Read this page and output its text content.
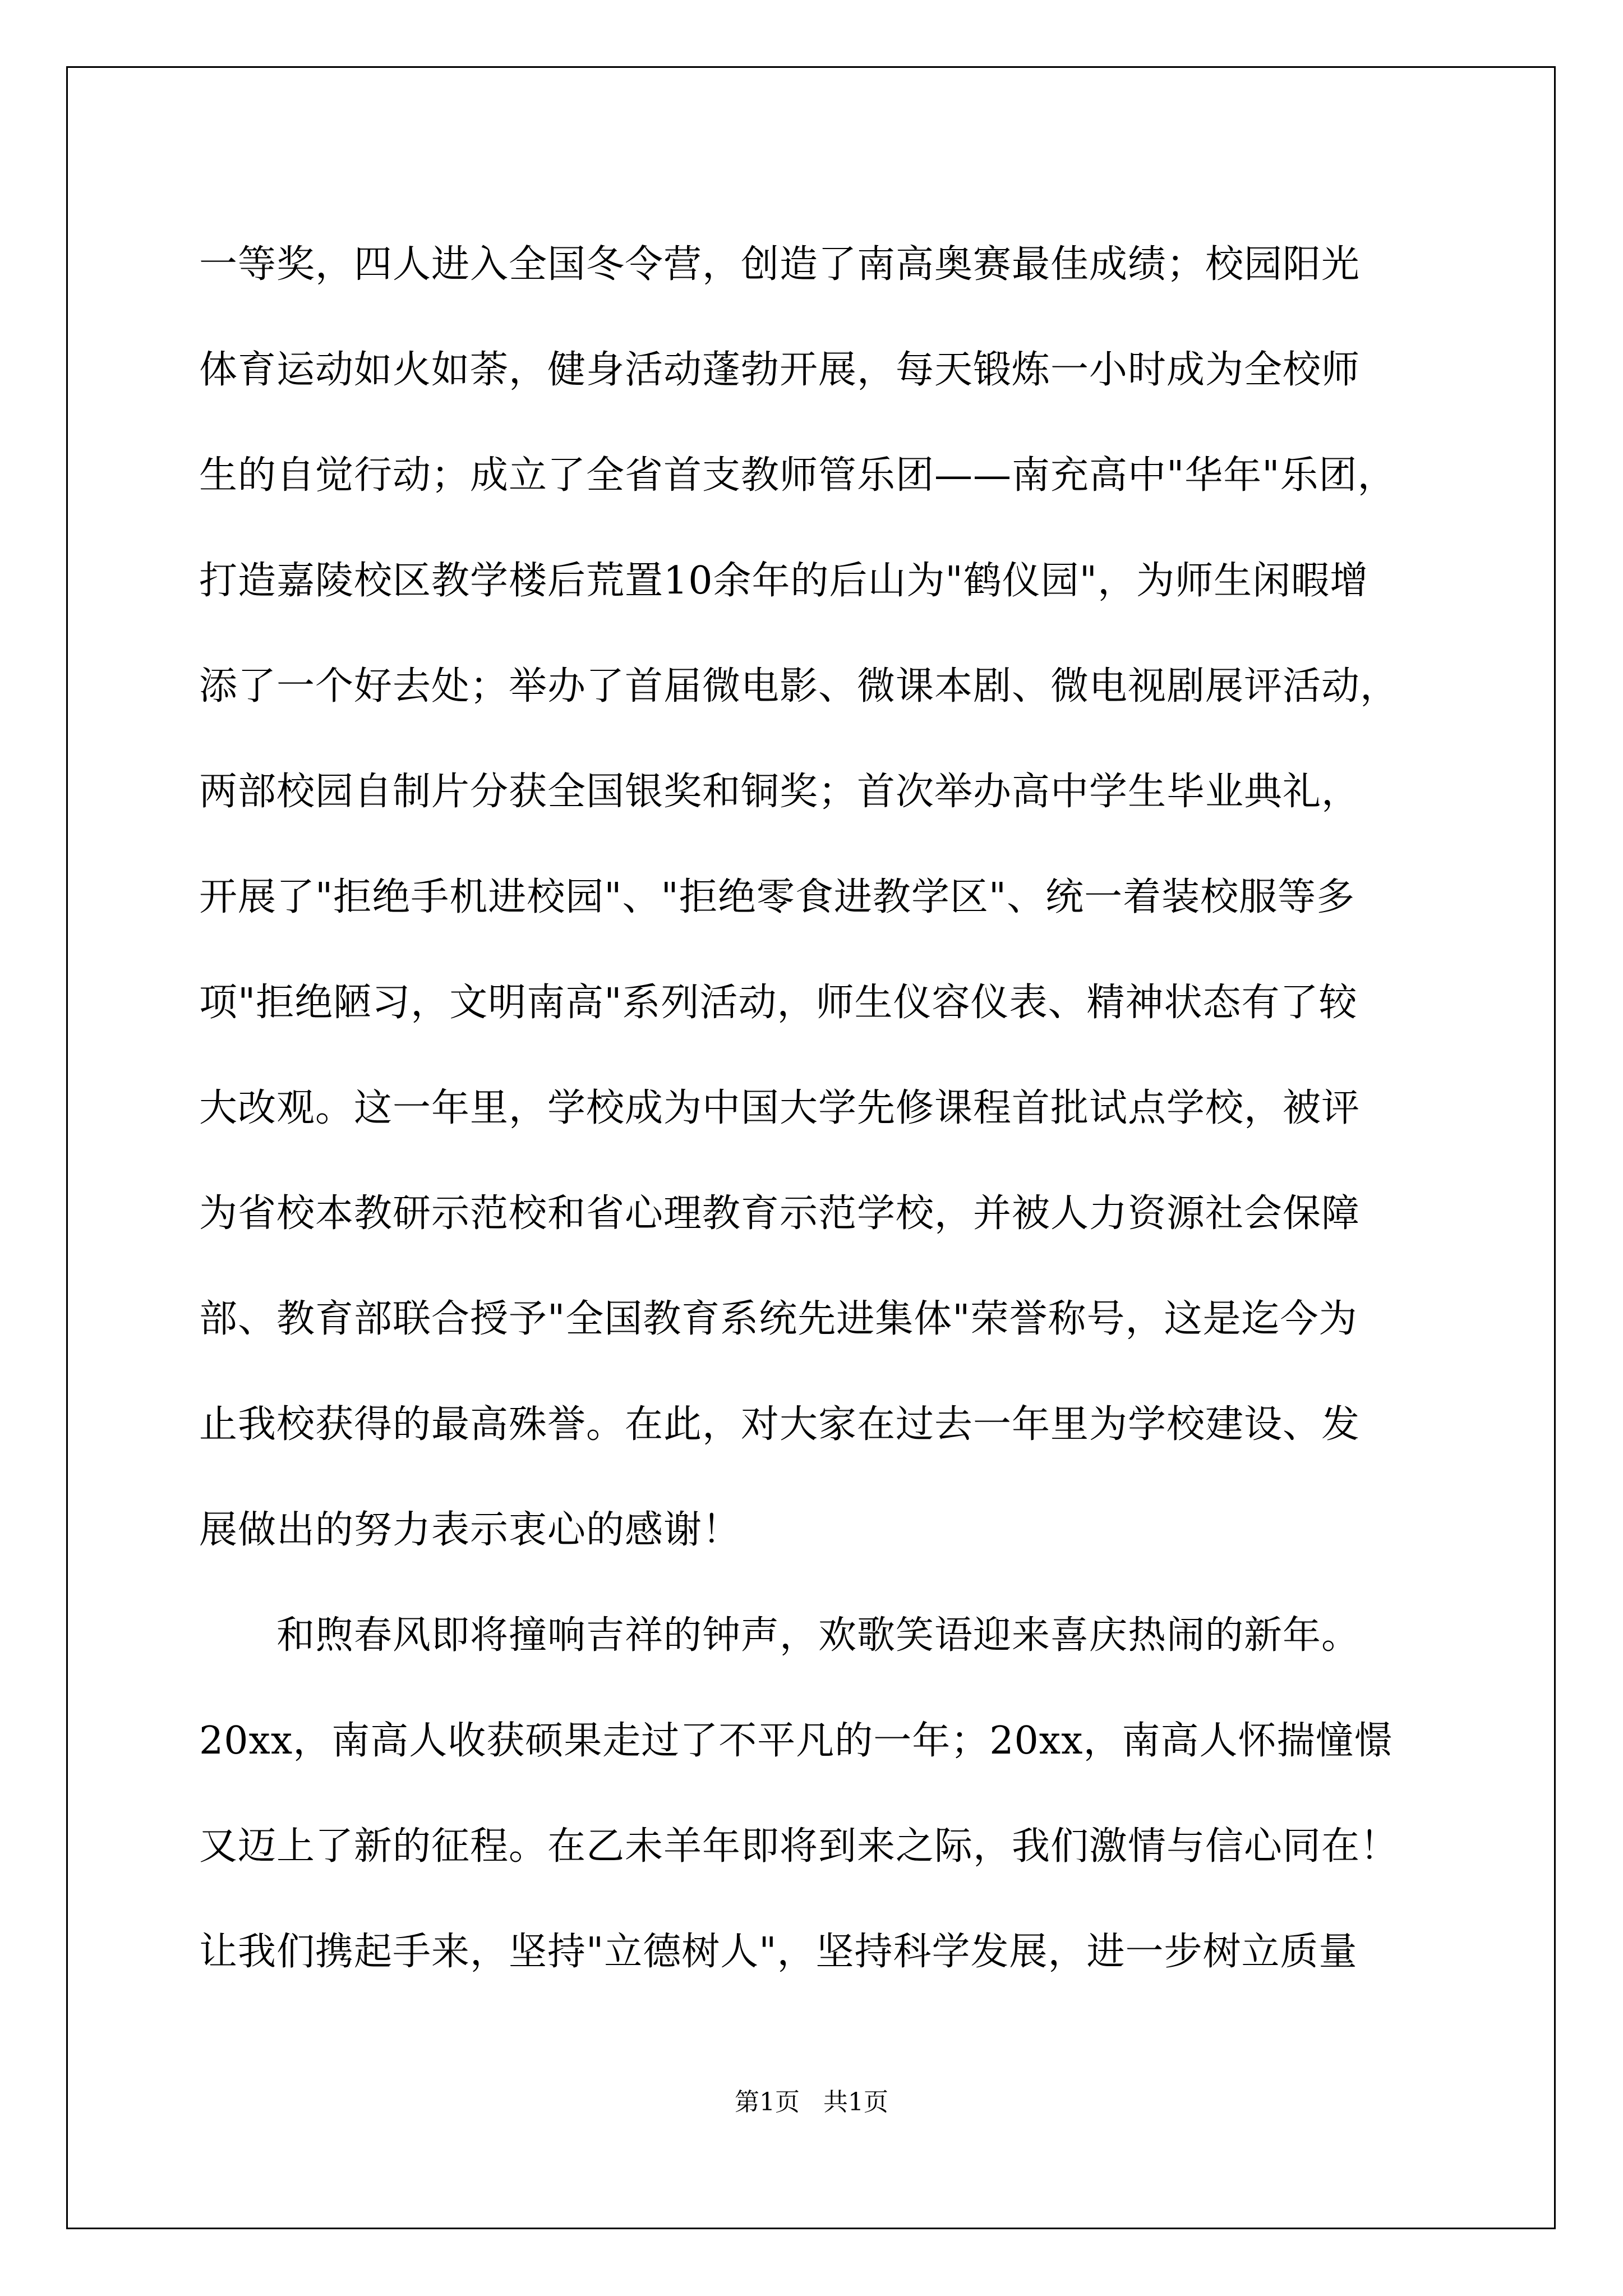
一等奖，四人进入全国冬令营，创造了南高奥赛最佳成绩；校园阳光
体育运动如火如荼，健身活动蓬勃开展，每天锻炼一小时成为全校师
生的自觉行动；成立了全省首支教师管乐团——南充高中"华年"乐团，
打造嘉陵校区教学楼后荒置10余年的后山为"鹤仪园"，为师生闲暇增
添了一个好去处；举办了首届微电影、微课本剧、微电视剧展评活动，
两部校园自制片分获全国银奖和铜奖；首次举办高中学生毕业典礼，
开展了"拒绝手机进校园"、"拒绝零食进教学区"、统一着装校服等多
项"拒绝陋习，文明南高"系列活动，师生仪容仪表、精神状态有了较
大改观。这一年里，学校成为中国大学先修课程首批试点学校，被评
为省校本教研示范校和省心理教育示范学校，并被人力资源社会保障
部、教育部联合授予"全国教育系统先进集体"荣誉称号，这是迄今为
止我校获得的最高殊誉。在此，对大家在过去一年里为学校建设、发
展做出的努力表示衷心的感谢！
和煦春风即将撞响吉祥的钟声，欢歌笑语迎来喜庆热闹的新年。
20xx，南高人收获硕果走过了不平凡的一年；20xx，南高人怀揣憧憬
又迈上了新的征程。在乙未羊年即将到来之际，我们激情与信心同在！
让我们携起手来，坚持"立德树人"，坚持科学发展，进一步树立质量
第1页   共1页
